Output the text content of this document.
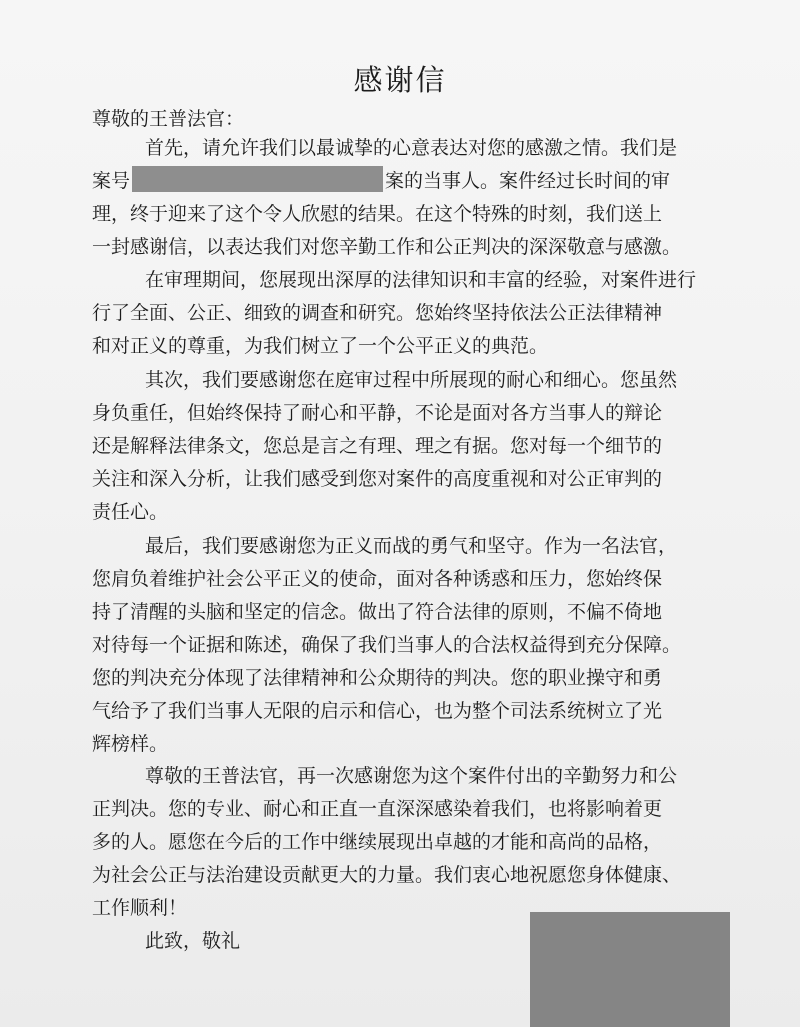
感谢信

尊敬的王普法官：

首先，请允许我们以最诚挚的心意表达对您的感激之情。我们是
案号	案的当事人。案件经过长时间的审
理，终于迎来了这个令人欣慰的结果。在这个特殊的时刻，我们送上
一封感谢信，以表达我们对您辛勤工作和公正判决的深深敬意与感激。
在审理期间，您展现出深厚的法律知识和丰富的经验，对案件进行
行了全面、公正、细致的调查和研究。您始终坚持依法公正法律精神
和对正义的尊重，为我们树立了一个公平正义的典范。
其次，我们要感谢您在庭审过程中所展现的耐心和细心。您虽然
身负重任，但始终保持了耐心和平静，不论是面对各方当事人的辩论
还是解释法律条文，您总是言之有理、理之有据。您对每一个细节的
关注和深入分析，让我们感受到您对案件的高度重视和对公正审判的
责任心。
最后，我们要感谢您为正义而战的勇气和坚守。作为一名法官，
您肩负着维护社会公平正义的使命，面对各种诱惑和压力，您始终保
持了清醒的头脑和坚定的信念。做出了符合法律的原则，不偏不倚地
对待每一个证据和陈述，确保了我们当事人的合法权益得到充分保障。
您的判决充分体现了法律精神和公众期待的判决。您的职业操守和勇
气给予了我们当事人无限的启示和信心，也为整个司法系统树立了光
辉榜样。
尊敬的王普法官，再一次感谢您为这个案件付出的辛勤努力和公
正判决。您的专业、耐心和正直一直深深感染着我们，也将影响着更
多的人。愿您在今后的工作中继续展现出卓越的才能和高尚的品格，
为社会公正与法治建设贡献更大的力量。我们衷心地祝愿您身体健康、
工作顺利！
此致，敬礼
